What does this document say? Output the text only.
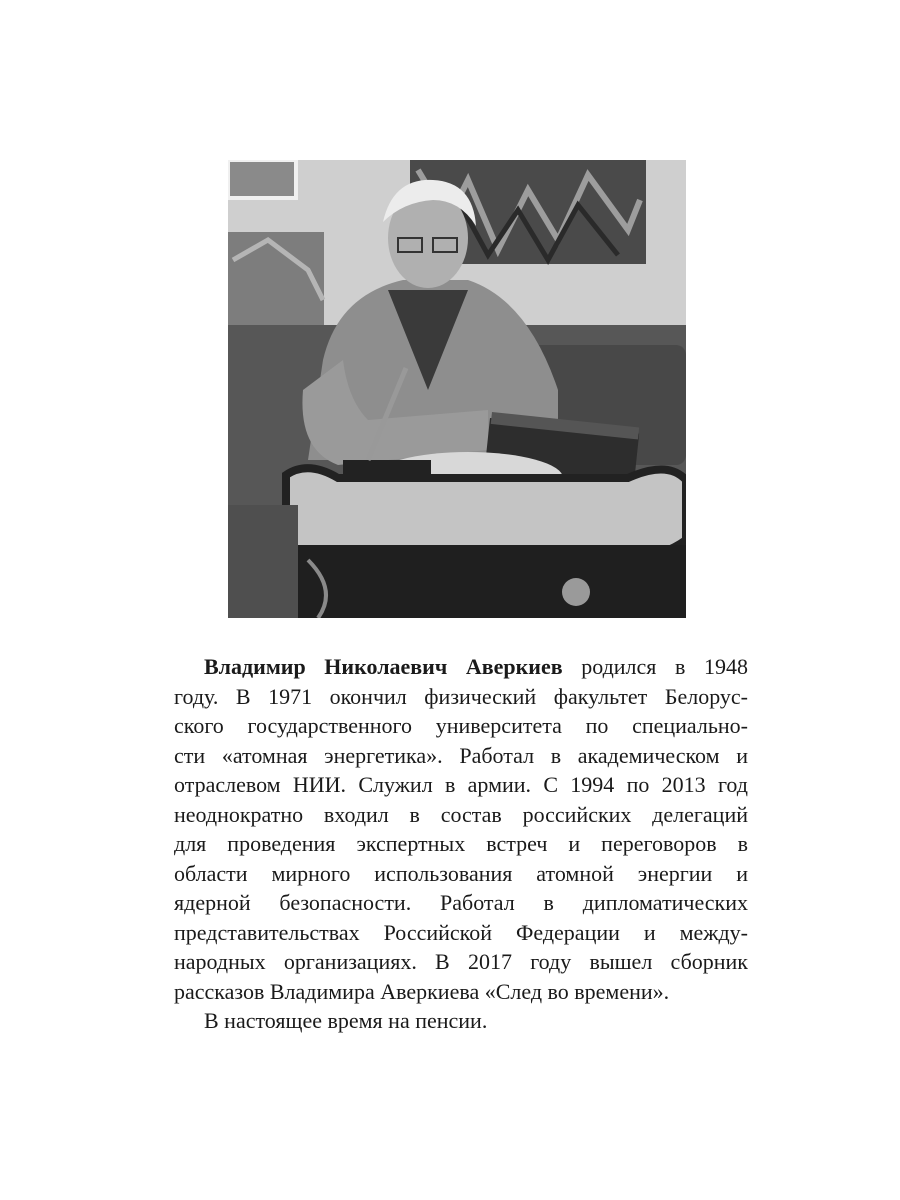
Владимир Николаевич Аверкиев родился в 1948
году. В 1971 окончил физический факультет Белорус-
ского государственного университета по специально-
сти «атомная энергетика». Работал в академическом и
отраслевом НИИ. Служил в армии. С 1994 по 2013 год
неоднократно входил в состав российских делегаций
для проведения экспертных встреч и переговоров в
области мирного использования атомной энергии и
ядерной безопасности. Работал в дипломатических
представительствах Российской Федерации и между-
народных организациях. В 2017 году вышел сборник
рассказов Владимира Аверкиева «След во времени».
В настоящее время на пенсии.
